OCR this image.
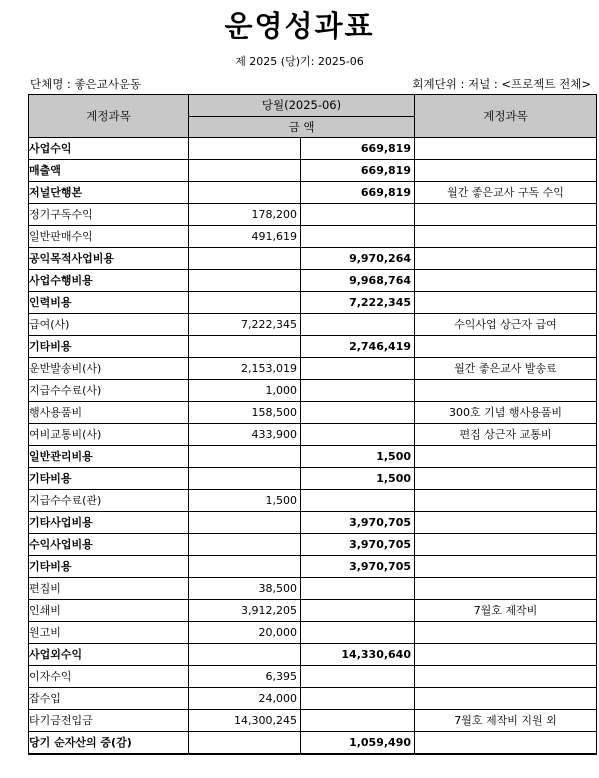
운영성과표
제 2025 (당)기: 2025-06
단체명 : 좋은교사운동	회계단위 : 저널 : <프로젝트 전체>
계정과목	당월(2025-06)		계정과목
	금 액		
사업수익		669,819	
매출액		669,819	
저널단행본		669,819	월간 좋은교사 구독 수익
정기구독수익	178,200		
일반판매수익	491,619		
공익목적사업비용		9,970,264	
사업수행비용		9,968,764	
인력비용		7,222,345	
급여(사)	7,222,345		수익사업 상근자 급여
기타비용		2,746,419	
운반발송비(사)	2,153,019		월간 좋은교사 발송료
지급수수료(사)	1,000		
행사용품비	158,500		300호 기념 행사용품비
여비교통비(사)	433,900		편집 상근자 교통비
일반관리비용		1,500	
기타비용		1,500	
지급수수료(관)	1,500		
기타사업비용		3,970,705	
수익사업비용		3,970,705	
기타비용		3,970,705	
편집비	38,500		
인쇄비	3,912,205		7월호 제작비
원고비	20,000		
사업외수익		14,330,640	
이자수익	6,395		
잡수입	24,000		
타기금전입금	14,300,245		7월호 제작비 지원 외
당기 순자산의 증(감)		1,059,490	
